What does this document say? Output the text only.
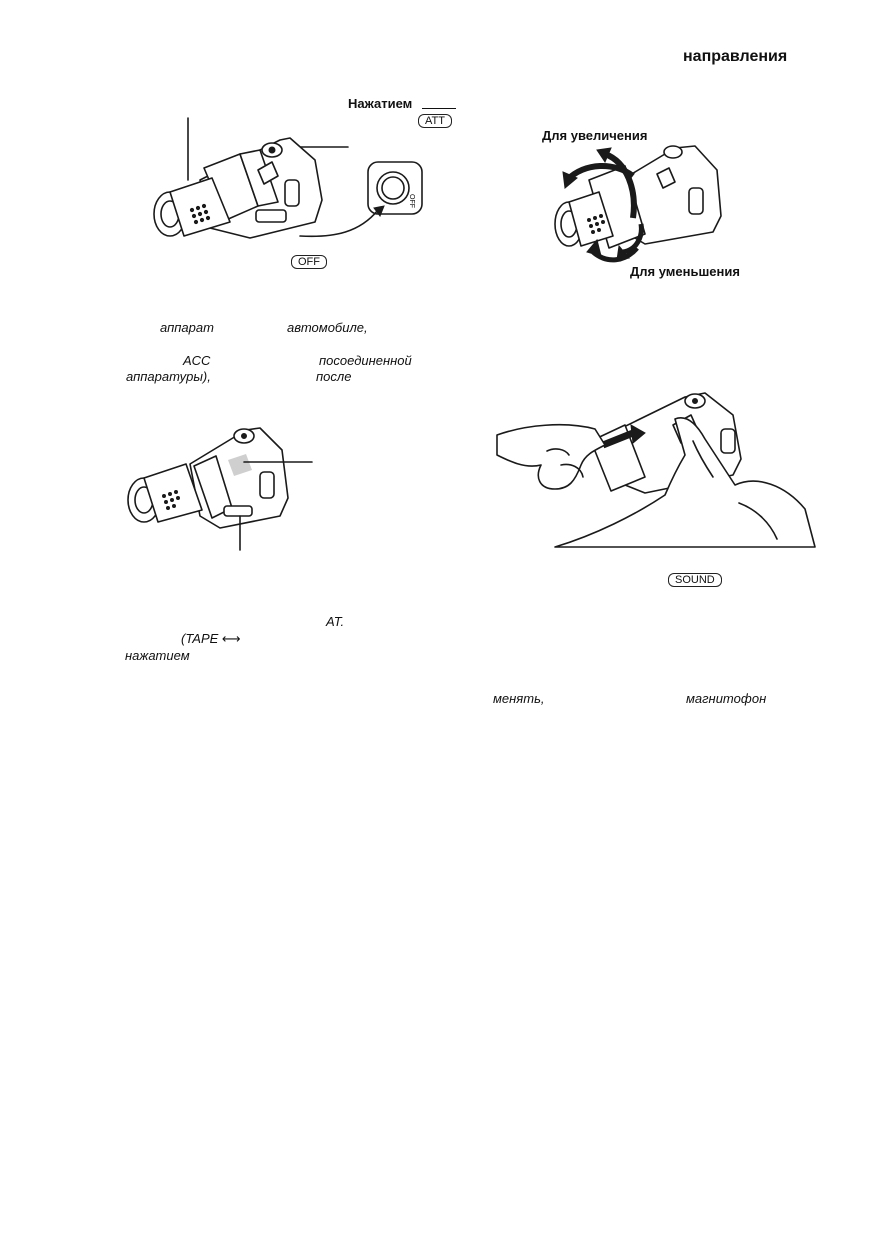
направления
Нажатием
ATT
OFF
OFF
Для увеличения
Для уменьшения
аппарат	автомобиле,
ACC	посоединенной
аппаратуры),	после
SOUND
AT.
(TAPE ⟷
нажатием
менять,	магнитофон
